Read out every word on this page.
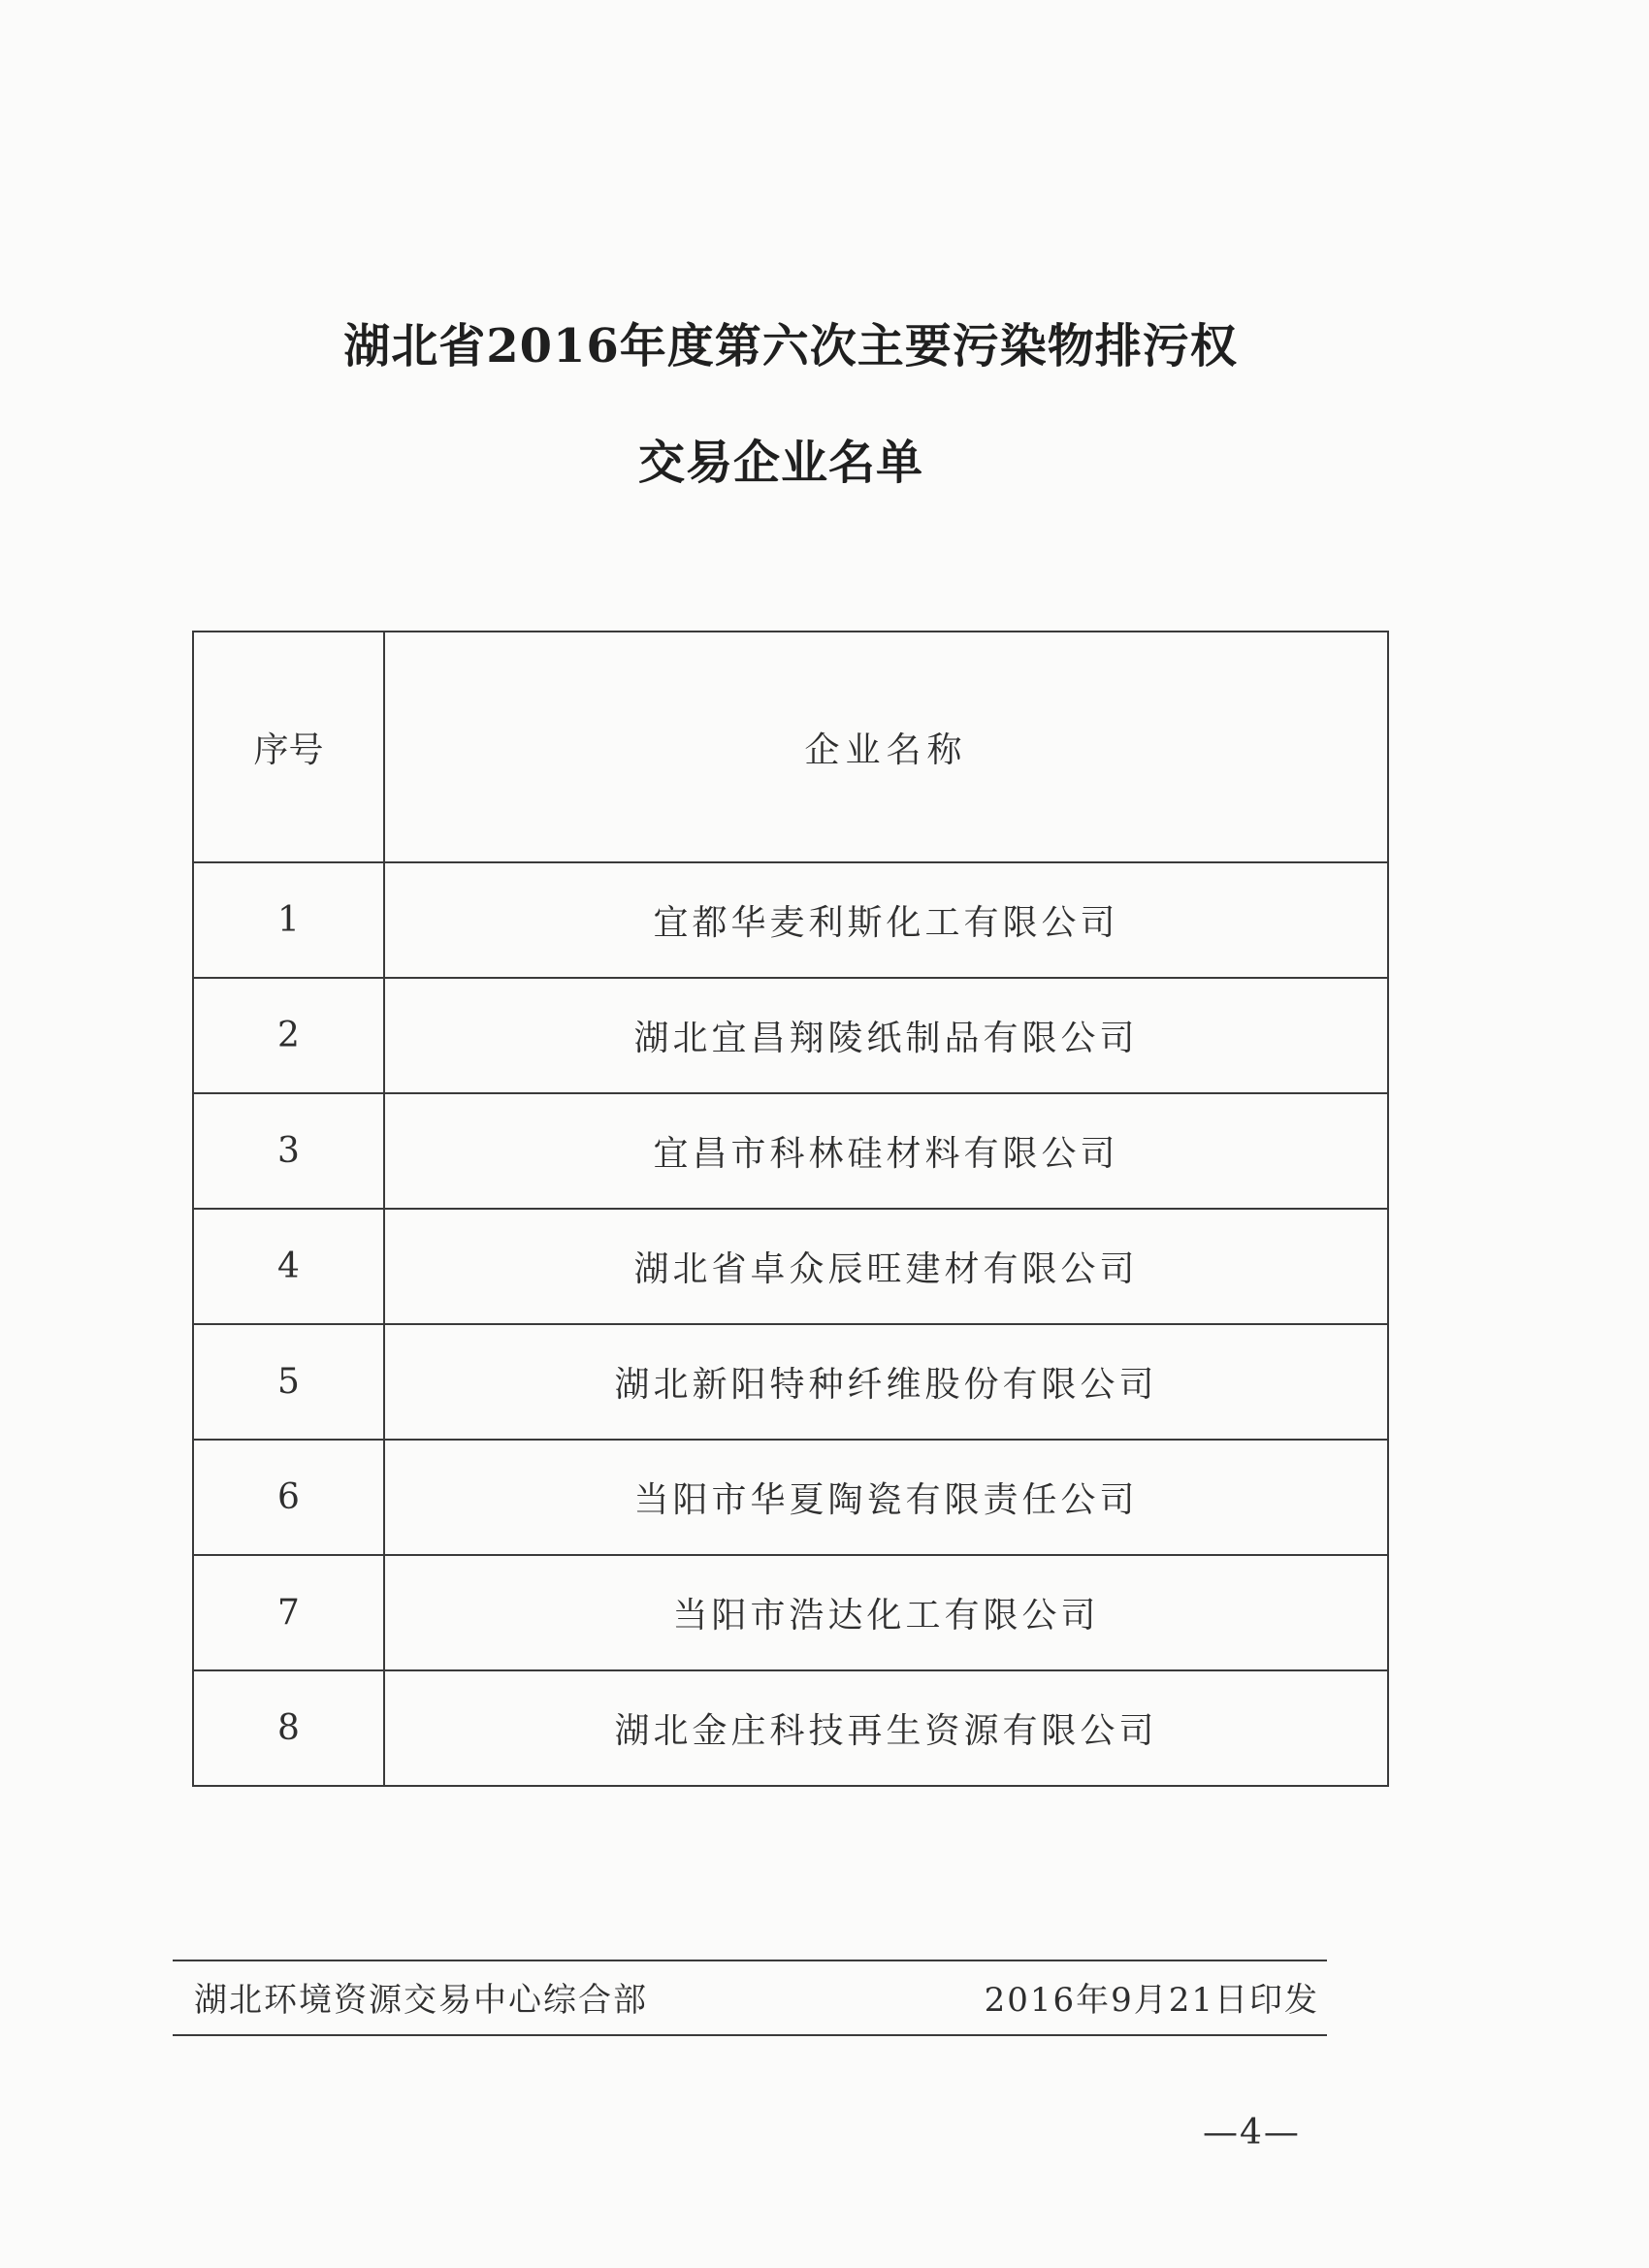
湖北省2016年度第六次主要污染物排污权
交易企业名单
序号	企业名称
1	宜都华麦利斯化工有限公司
2	湖北宜昌翔陵纸制品有限公司
3	宜昌市科林硅材料有限公司
4	湖北省卓众辰旺建材有限公司
5	湖北新阳特种纤维股份有限公司
6	当阳市华夏陶瓷有限责任公司
7	当阳市浩达化工有限公司
8	湖北金庄科技再生资源有限公司
湖北环境资源交易中心综合部	2016年9月21日印发
—4—
